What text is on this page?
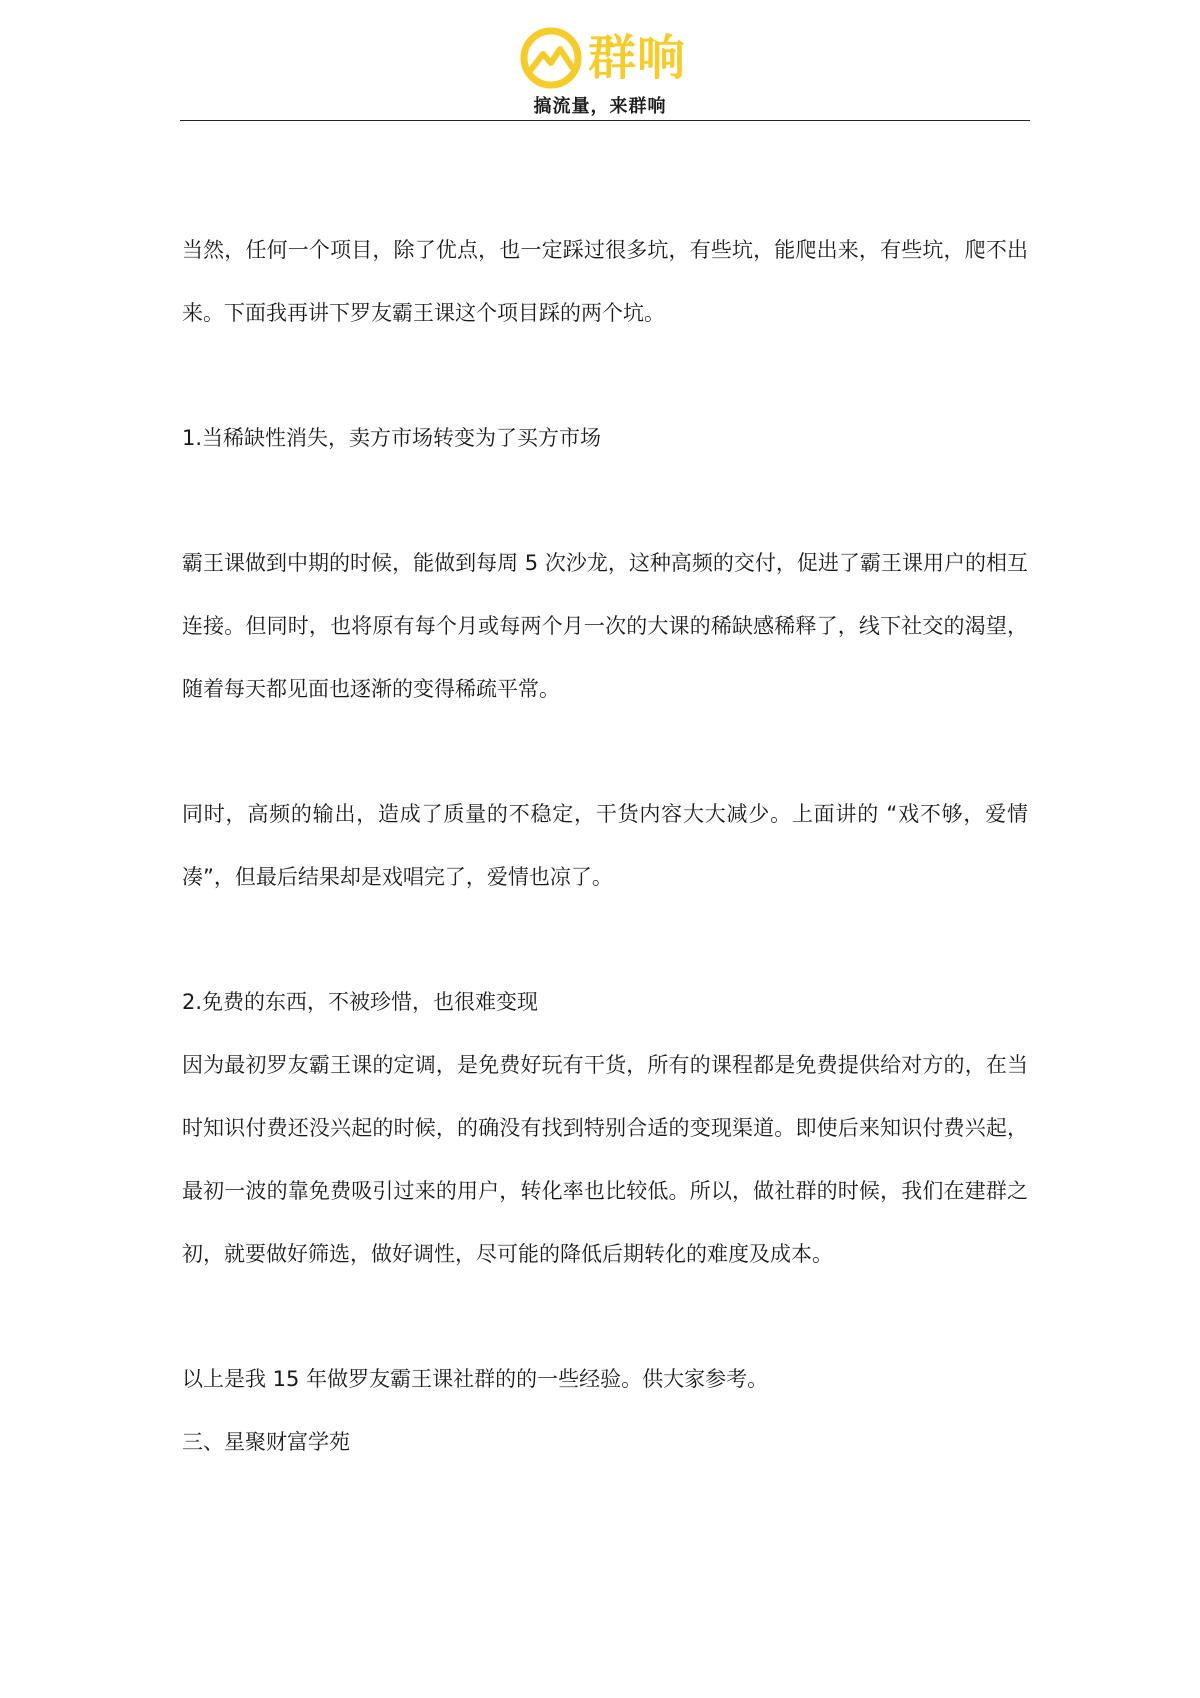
群响
搞流量，来群响

当然，任何一个项目，除了优点，也一定踩过很多坑，有些坑，能爬出来，有些坑，爬不出来。下面我再讲下罗友霸王课这个项目踩的两个坑。

1.当稀缺性消失，卖方市场转变为了买方市场

霸王课做到中期的时候，能做到每周 5 次沙龙，这种高频的交付，促进了霸王课用户的相互连接。但同时，也将原有每个月或每两个月一次的大课的稀缺感稀释了，线下社交的渴望，随着每天都见面也逐渐的变得稀疏平常。

同时，高频的输出，造成了质量的不稳定，干货内容大大减少。上面讲的 “戏不够，爱情凑”，但最后结果却是戏唱完了，爱情也凉了。

2.免费的东西，不被珍惜，也很难变现

因为最初罗友霸王课的定调，是免费好玩有干货，所有的课程都是免费提供给对方的，在当时知识付费还没兴起的时候，的确没有找到特别合适的变现渠道。即使后来知识付费兴起，最初一波的靠免费吸引过来的用户，转化率也比较低。所以，做社群的时候，我们在建群之初，就要做好筛选，做好调性，尽可能的降低后期转化的难度及成本。

以上是我 15 年做罗友霸王课社群的的一些经验。供大家参考。

三、星聚财富学苑
